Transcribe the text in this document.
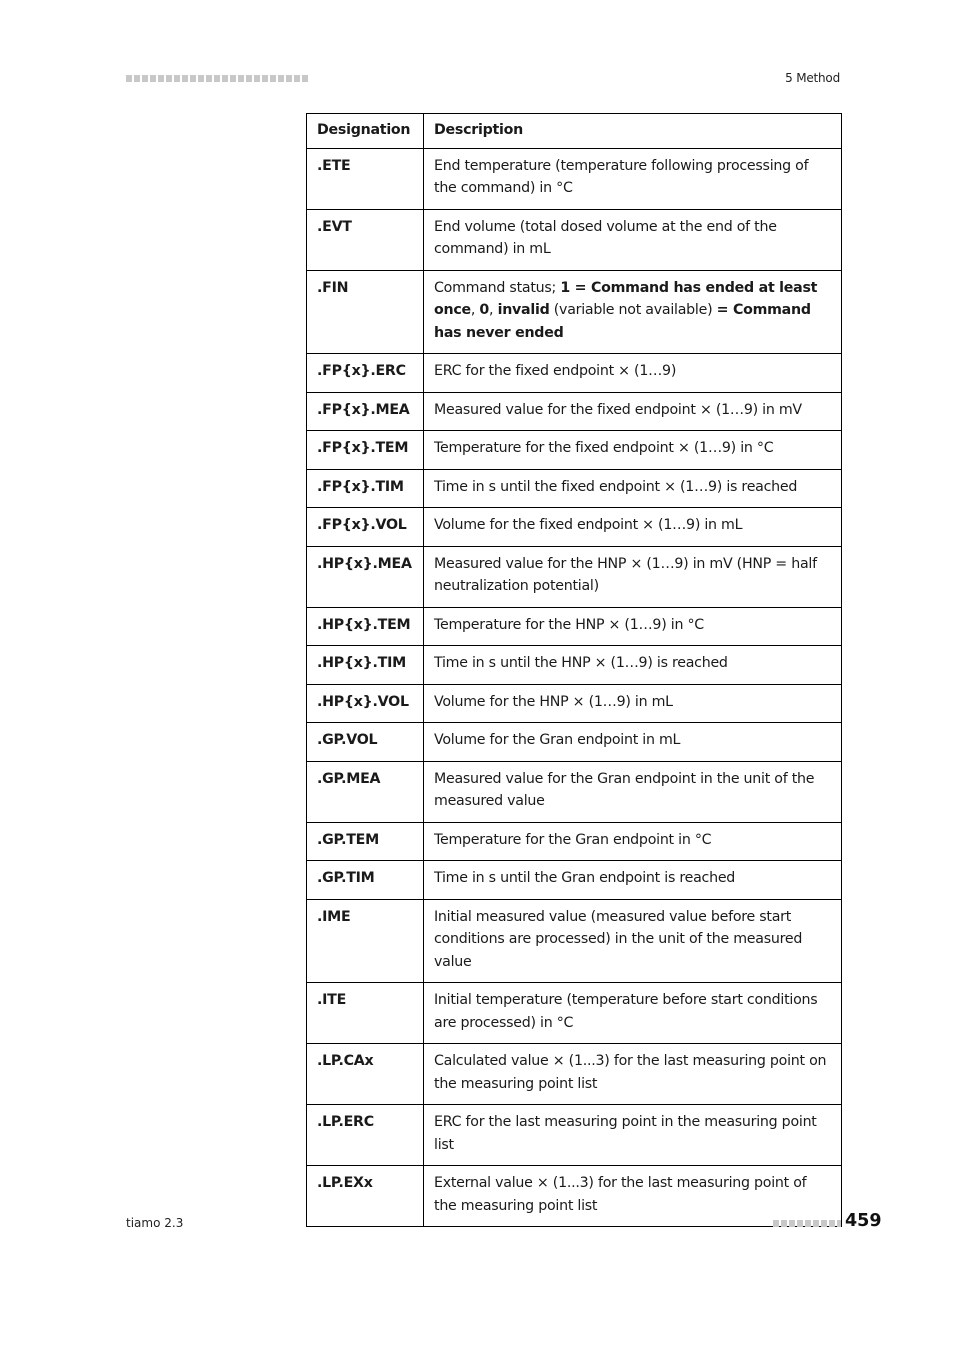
5 Method
Designation	Description
.ETE	End temperature (temperature following processing of the command) in °C
.EVT	End volume (total dosed volume at the end of the command) in mL
.FIN	Command status; 1 = Command has ended at least once, 0, invalid (variable not available) = Command has never ended
.FP{x}.ERC	ERC for the fixed endpoint × (1…9)
.FP{x}.MEA	Measured value for the fixed endpoint × (1…9) in mV
.FP{x}.TEM	Temperature for the fixed endpoint × (1…9) in °C
.FP{x}.TIM	Time in s until the fixed endpoint × (1…9) is reached
.FP{x}.VOL	Volume for the fixed endpoint × (1…9) in mL
.HP{x}.MEA	Measured value for the HNP × (1…9) in mV (HNP = half neutralization potential)
.HP{x}.TEM	Temperature for the HNP × (1…9) in °C
.HP{x}.TIM	Time in s until the HNP × (1…9) is reached
.HP{x}.VOL	Volume for the HNP × (1…9) in mL
.GP.VOL	Volume for the Gran endpoint in mL
.GP.MEA	Measured value for the Gran endpoint in the unit of the measured value
.GP.TEM	Temperature for the Gran endpoint in °C
.GP.TIM	Time in s until the Gran endpoint is reached
.IME	Initial measured value (measured value before start conditions are processed) in the unit of the measured value
.ITE	Initial temperature (temperature before start conditions are processed) in °C
.LP.CAx	Calculated value × (1...3) for the last measuring point on the measuring point list
.LP.ERC	ERC for the last measuring point in the measuring point list
.LP.EXx	External value × (1...3) for the last measuring point of the measuring point list
tiamo 2.3	459
